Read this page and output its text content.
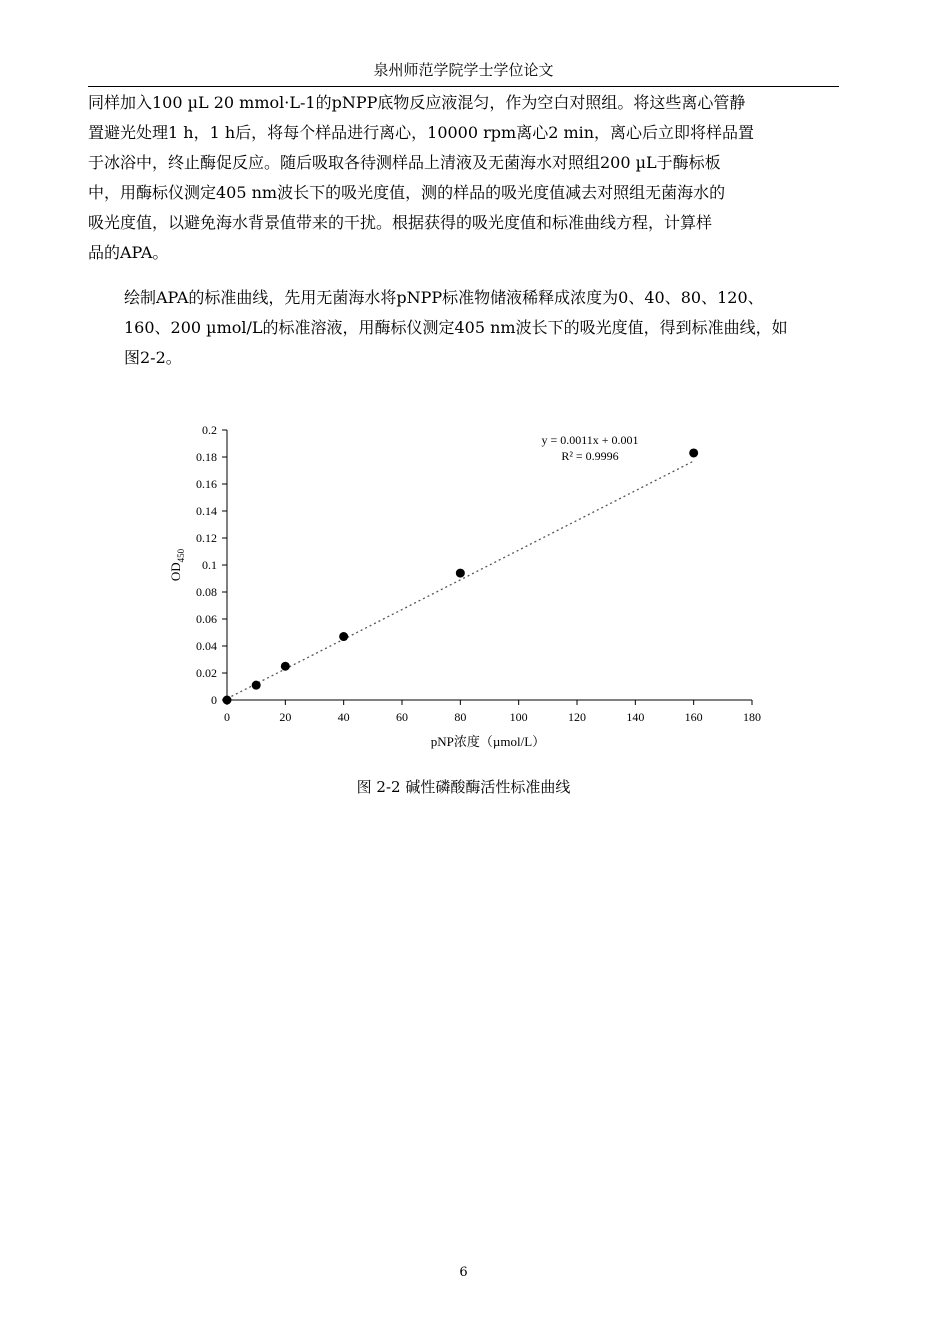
泉州师范学院学士学位论文
同样加入100 µL 20 mmol·L-1的pNPP底物反应液混匀，作为空白对照组。将这些离心管静
置避光处理1 h，1 h后，将每个样品进行离心，10000 rpm离心2 min，离心后立即将样品置
于冰浴中，终止酶促反应。随后吸取各待测样品上清液及无菌海水对照组200 µL于酶标板
中，用酶标仪测定405 nm波长下的吸光度值，测的样品的吸光度值减去对照组无菌海水的
吸光度值，以避免海水背景值带来的干扰。根据获得的吸光度值和标准曲线方程，计算样
品的APA。
绘制APA的标准曲线，先用无菌海水将pNPP标准物储液稀释成浓度为0、40、80、120、
160、200 µmol/L的标准溶液，用酶标仪测定405 nm波长下的吸光度值，得到标准曲线，如
图2-2。
0
0.02
0.04
0.06
0.08
0.1
0.12
0.14
0.16
0.18
0.2
0	20	40	60	80	100	120	140	160	180
y = 0.0011x + 0.001
R² = 0.9996
pNP浓度（µmol/L）
$OD_{450}$
图 2-2 碱性磷酸酶活性标准曲线
6
